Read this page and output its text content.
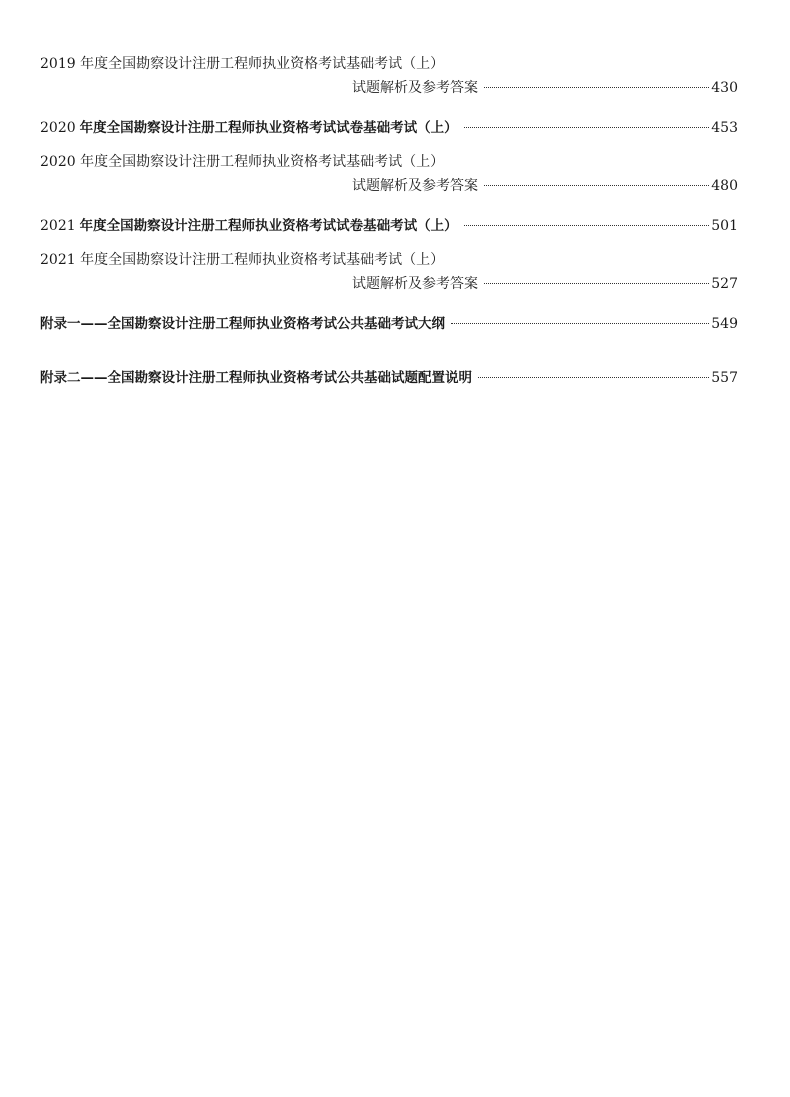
2019 年度全国勘察设计注册工程师执业资格考试基础考试（上）
试题解析及参考答案	430
2020 年度全国勘察设计注册工程师执业资格考试试卷基础考试（上）	453
2020 年度全国勘察设计注册工程师执业资格考试基础考试（上）
试题解析及参考答案	480
2021 年度全国勘察设计注册工程师执业资格考试试卷基础考试（上）	501
2021 年度全国勘察设计注册工程师执业资格考试基础考试（上）
试题解析及参考答案	527
附录一——全国勘察设计注册工程师执业资格考试公共基础考试大纲	549
附录二——全国勘察设计注册工程师执业资格考试公共基础试题配置说明	557
